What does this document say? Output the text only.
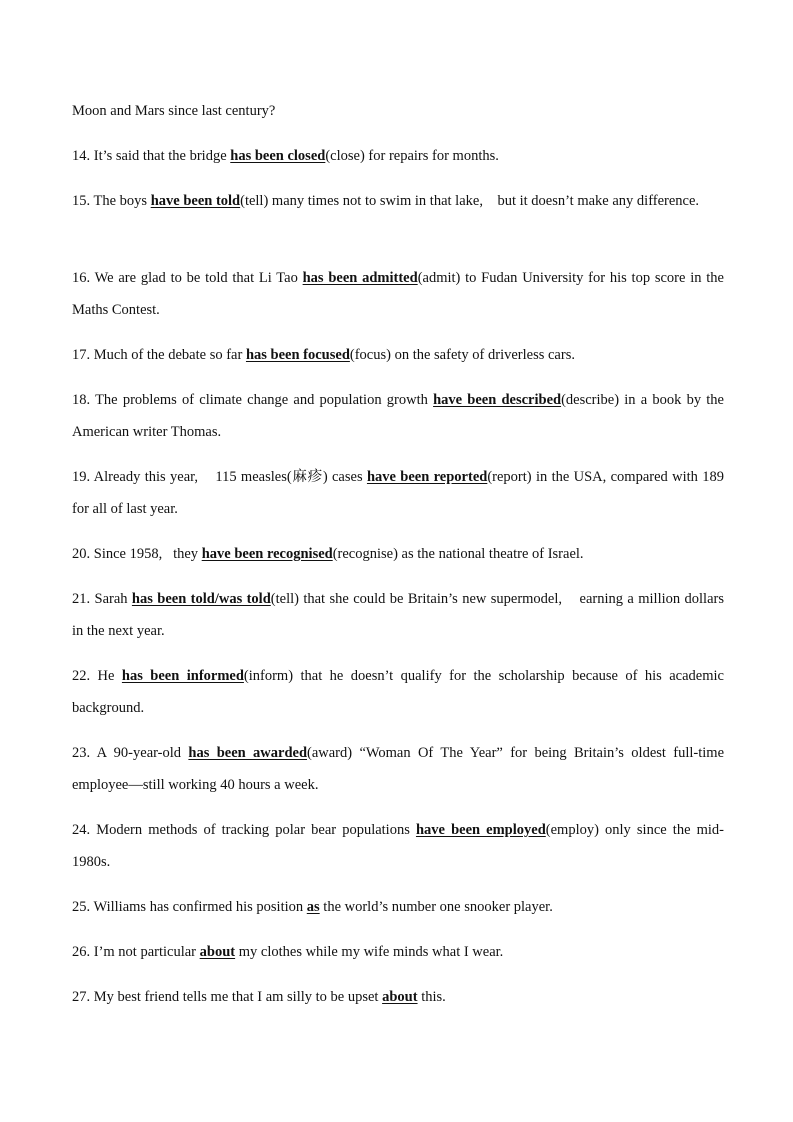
Moon and Mars since last century?

14. It’s said that the bridge has been closed(close) for repairs for months.

15. The boys have been told(tell) many times not to swim in that lake,    but it doesn’t make any difference.

16. We are glad to be told that Li Tao has been admitted(admit) to Fudan University for his top score in the Maths Contest.

17. Much of the debate so far has been focused(focus) on the safety of driverless cars.

18. The problems of climate change and population growth have been described(describe) in a book by the American writer Thomas.

19. Already this year,    115 measles(麻疹) cases have been reported(report) in the USA, compared with 189 for all of last year.

20. Since 1958,   they have been recognised(recognise) as the national theatre of Israel.

21. Sarah has been told/was told(tell) that she could be Britain’s new supermodel,    earning a million dollars in the next year.

22. He has been informed(inform) that he doesn’t qualify for the scholarship because of his academic background.

23. A 90-year-old has been awarded(award) “Woman Of The Year” for being Britain’s oldest full-time employee—still working 40 hours a week.

24. Modern methods of tracking polar bear populations have been employed(employ) only since the mid-1980s.

25. Williams has confirmed his position as the world’s number one snooker player.

26. I’m not particular about my clothes while my wife minds what I wear.

27. My best friend tells me that I am silly to be upset about this.
